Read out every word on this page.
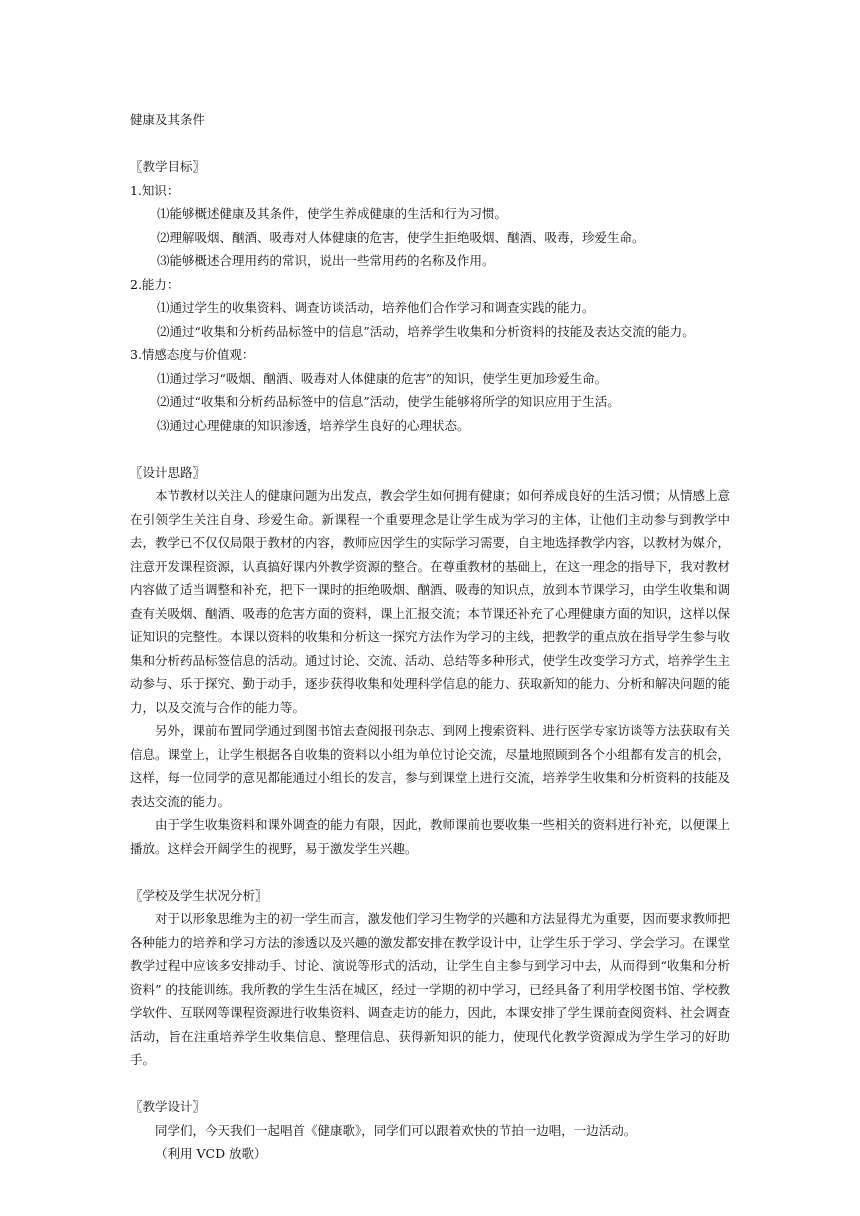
健康及其条件
〖教学目标〗
1.知识：
⑴能够概述健康及其条件，使学生养成健康的生活和行为习惯。
⑵理解吸烟、酗酒、吸毒对人体健康的危害，使学生拒绝吸烟、酗酒、吸毒，珍爱生命。
⑶能够概述合理用药的常识，说出一些常用药的名称及作用。
2.能力：
⑴通过学生的收集资料、调查访谈活动，培养他们合作学习和调查实践的能力。
⑵通过“收集和分析药品标签中的信息”活动，培养学生收集和分析资料的技能及表达交流的能力。
3.情感态度与价值观：
⑴通过学习“吸烟、酗酒、吸毒对人体健康的危害”的知识，使学生更加珍爱生命。
⑵通过“收集和分析药品标签中的信息”活动，使学生能够将所学的知识应用于生活。
⑶通过心理健康的知识渗透，培养学生良好的心理状态。
〖设计思路〗
本节教材以关注人的健康问题为出发点，教会学生如何拥有健康；如何养成良好的生活习惯；从情感上意在引领学生关注自身、珍爱生命。新课程一个重要理念是让学生成为学习的主体，让他们主动参与到教学中去，教学已不仅仅局限于教材的内容，教师应因学生的实际学习需要，自主地选择教学内容，以教材为媒介，注意开发课程资源，认真搞好课内外教学资源的整合。在尊重教材的基础上，在这一理念的指导下，我对教材内容做了适当调整和补充，把下一课时的拒绝吸烟、酗酒、吸毒的知识点，放到本节课学习，由学生收集和调查有关吸烟、酗酒、吸毒的危害方面的资料，课上汇报交流；本节课还补充了心理健康方面的知识，这样以保证知识的完整性。本课以资料的收集和分析这一探究方法作为学习的主线，把教学的重点放在指导学生参与收集和分析药品标签信息的活动。通过讨论、交流、活动、总结等多种形式，使学生改变学习方式，培养学生主动参与、乐于探究、勤于动手，逐步获得收集和处理科学信息的能力、获取新知的能力、分析和解决问题的能力，以及交流与合作的能力等。
另外，课前布置同学通过到图书馆去查阅报刊杂志、到网上搜索资料、进行医学专家访谈等方法获取有关信息。课堂上，让学生根据各自收集的资料以小组为单位讨论交流，尽量地照顾到各个小组都有发言的机会，这样，每一位同学的意见都能通过小组长的发言，参与到课堂上进行交流，培养学生收集和分析资料的技能及表达交流的能力。
由于学生收集资料和课外调查的能力有限，因此，教师课前也要收集一些相关的资料进行补充，以便课上播放。这样会开阔学生的视野，易于激发学生兴趣。
〖学校及学生状况分析〗
对于以形象思维为主的初一学生而言，激发他们学习生物学的兴趣和方法显得尤为重要，因而要求教师把各种能力的培养和学习方法的渗透以及兴趣的激发都安排在教学设计中，让学生乐于学习、学会学习。在课堂教学过程中应该多安排动手、讨论、演说等形式的活动，让学生自主参与到学习中去，从而得到“收集和分析资料” 的技能训练。我所教的学生生活在城区，经过一学期的初中学习，已经具备了利用学校图书馆、学校教学软件、互联网等课程资源进行收集资料、调查走访的能力，因此，本课安排了学生课前查阅资料、社会调查活动，旨在注重培养学生收集信息、整理信息、获得新知识的能力，使现代化教学资源成为学生学习的好助手。
〖教学设计〗
同学们，今天我们一起唱首《健康歌》，同学们可以跟着欢快的节拍一边唱，一边活动。
（利用 VCD 放歌）
